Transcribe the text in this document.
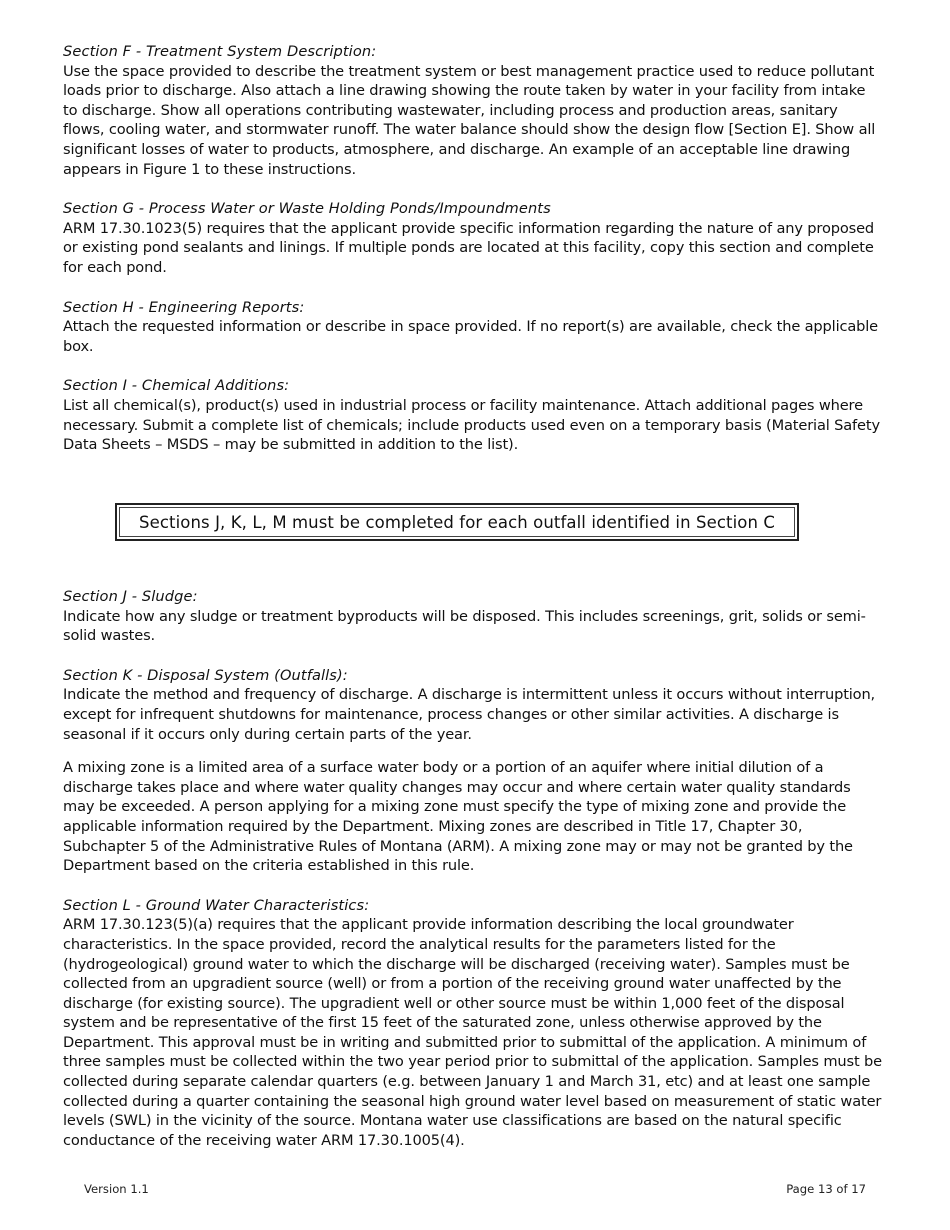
Section F - Treatment System Description:
Use the space provided to describe the treatment system or best management practice used to reduce pollutant loads prior to discharge. Also attach a line drawing showing the route taken by water in your facility from intake to discharge. Show all operations contributing wastewater, including process and production areas, sanitary flows, cooling water, and stormwater runoff. The water balance should show the design flow [Section E]. Show all significant losses of water to products, atmosphere, and discharge. An example of an acceptable line drawing appears in Figure 1 to these instructions.
Section G - Process Water or Waste Holding Ponds/Impoundments
ARM 17.30.1023(5) requires that the applicant provide specific information regarding the nature of any proposed or existing pond sealants and linings. If multiple ponds are located at this facility, copy this section and complete for each pond.
Section H - Engineering Reports:
Attach the requested information or describe in space provided. If no report(s) are available, check the applicable box.
Section I - Chemical Additions:
List all chemical(s), product(s) used in industrial process or facility maintenance. Attach additional pages where necessary. Submit a complete list of chemicals; include products used even on a temporary basis (Material Safety Data Sheets – MSDS – may be submitted in addition to the list).
Sections J, K, L, M must be completed for each outfall identified in Section C
Section J - Sludge:
Indicate how any sludge or treatment byproducts will be disposed. This includes screenings, grit, solids or semi-solid wastes.
Section K - Disposal System (Outfalls):
Indicate the method and frequency of discharge. A discharge is intermittent unless it occurs without interruption, except for infrequent shutdowns for maintenance, process changes or other similar activities. A discharge is seasonal if it occurs only during certain parts of the year.
A mixing zone is a limited area of a surface water body or a portion of an aquifer where initial dilution of a discharge takes place and where water quality changes may occur and where certain water quality standards may be exceeded. A person applying for a mixing zone must specify the type of mixing zone and provide the applicable information required by the Department. Mixing zones are described in Title 17, Chapter 30, Subchapter 5 of the Administrative Rules of Montana (ARM). A mixing zone may or may not be granted by the Department based on the criteria established in this rule.
Section L - Ground Water Characteristics:
ARM 17.30.123(5)(a) requires that the applicant provide information describing the local groundwater characteristics. In the space provided, record the analytical results for the parameters listed for the (hydrogeological) ground water to which the discharge will be discharged (receiving water). Samples must be collected from an upgradient source (well) or from a portion of the receiving ground water unaffected by the discharge (for existing source). The upgradient well or other source must be within 1,000 feet of the disposal system and be representative of the first 15 feet of the saturated zone, unless otherwise approved by the Department. This approval must be in writing and submitted prior to submittal of the application. A minimum of three samples must be collected within the two year period prior to submittal of the application. Samples must be collected during separate calendar quarters (e.g. between January 1 and March 31, etc) and at least one sample collected during a quarter containing the seasonal high ground water level based on measurement of static water levels (SWL) in the vicinity of the source. Montana water use classifications are based on the natural specific conductance of the receiving water ARM 17.30.1005(4).
Version 1.1	Page 13 of 17
